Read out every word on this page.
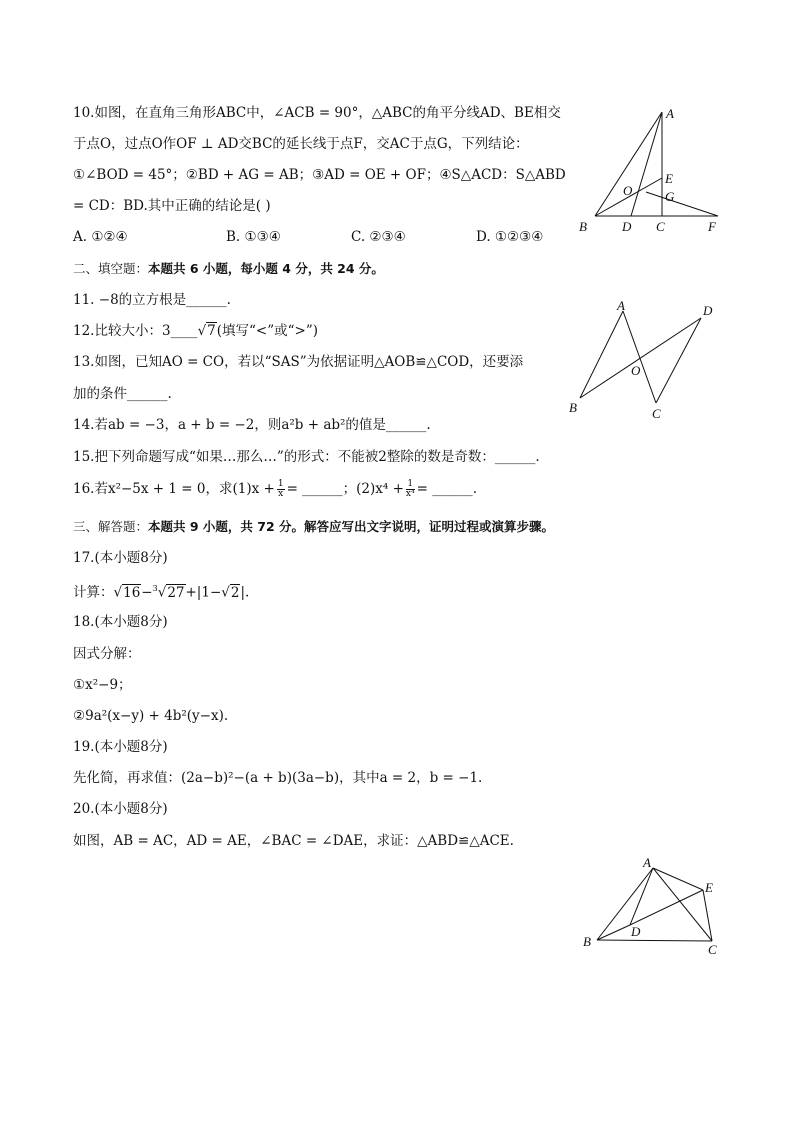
10.如图，在直角三角形ABC中，∠ACB = 90°，△ABC的角平分线AD、BE相交
于点O，过点O作OF ⊥ AD交BC的延长线于点F，交AC于点G，下列结论：
①∠BOD = 45°；②BD + AG = AB；③AD = OE + OF；④S△ACD：S△ABD
= CD：BD.其中正确的结论是( )
A. ①②④	B. ①③④	C. ②③④	D. ①②③④
A
E
G
O
B	D C	F
二、填空题：本题共 6 小题，每小题 4 分，共 24 分。
11. −8的立方根是______.
12.比较大小：3____√7(填写“<”或“>”)
13.如图，已知AO = CO，若以“SAS”为依据证明△AOB≌△COD，还要添
加的条件______.
A	D
O
B	C
14.若ab = −3，a + b = −2，则a²b + ab²的值是______.
15.把下列命题写成“如果…那么…”的形式：不能被2整除的数是奇数：______.
16.若x²−5x + 1 = 0，求$(1)x + \frac{1}{x}$ = ______；$(2)x^4 + \frac{1}{\text{x⁴}}$ = ______.
三、解答题：本题共 9 小题，共 72 分。解答应写出文字说明，证明过程或演算步骤。
17.(本小题8分)
计算：√16−$^3$√27+|1−√2|.
18.(本小题8分)
因式分解：
①x²−9；
②9a²(x−y) + 4b²(y−x).
19.(本小题8分)
先化简，再求值：(2a−b)²−(a + b)(3a−b)，其中a = 2，b = −1.
20.(本小题8分)
如图，AB = AC，AD = AE，∠BAC = ∠DAE，求证：△ABD≌△ACE.
A
E
D
B
C
